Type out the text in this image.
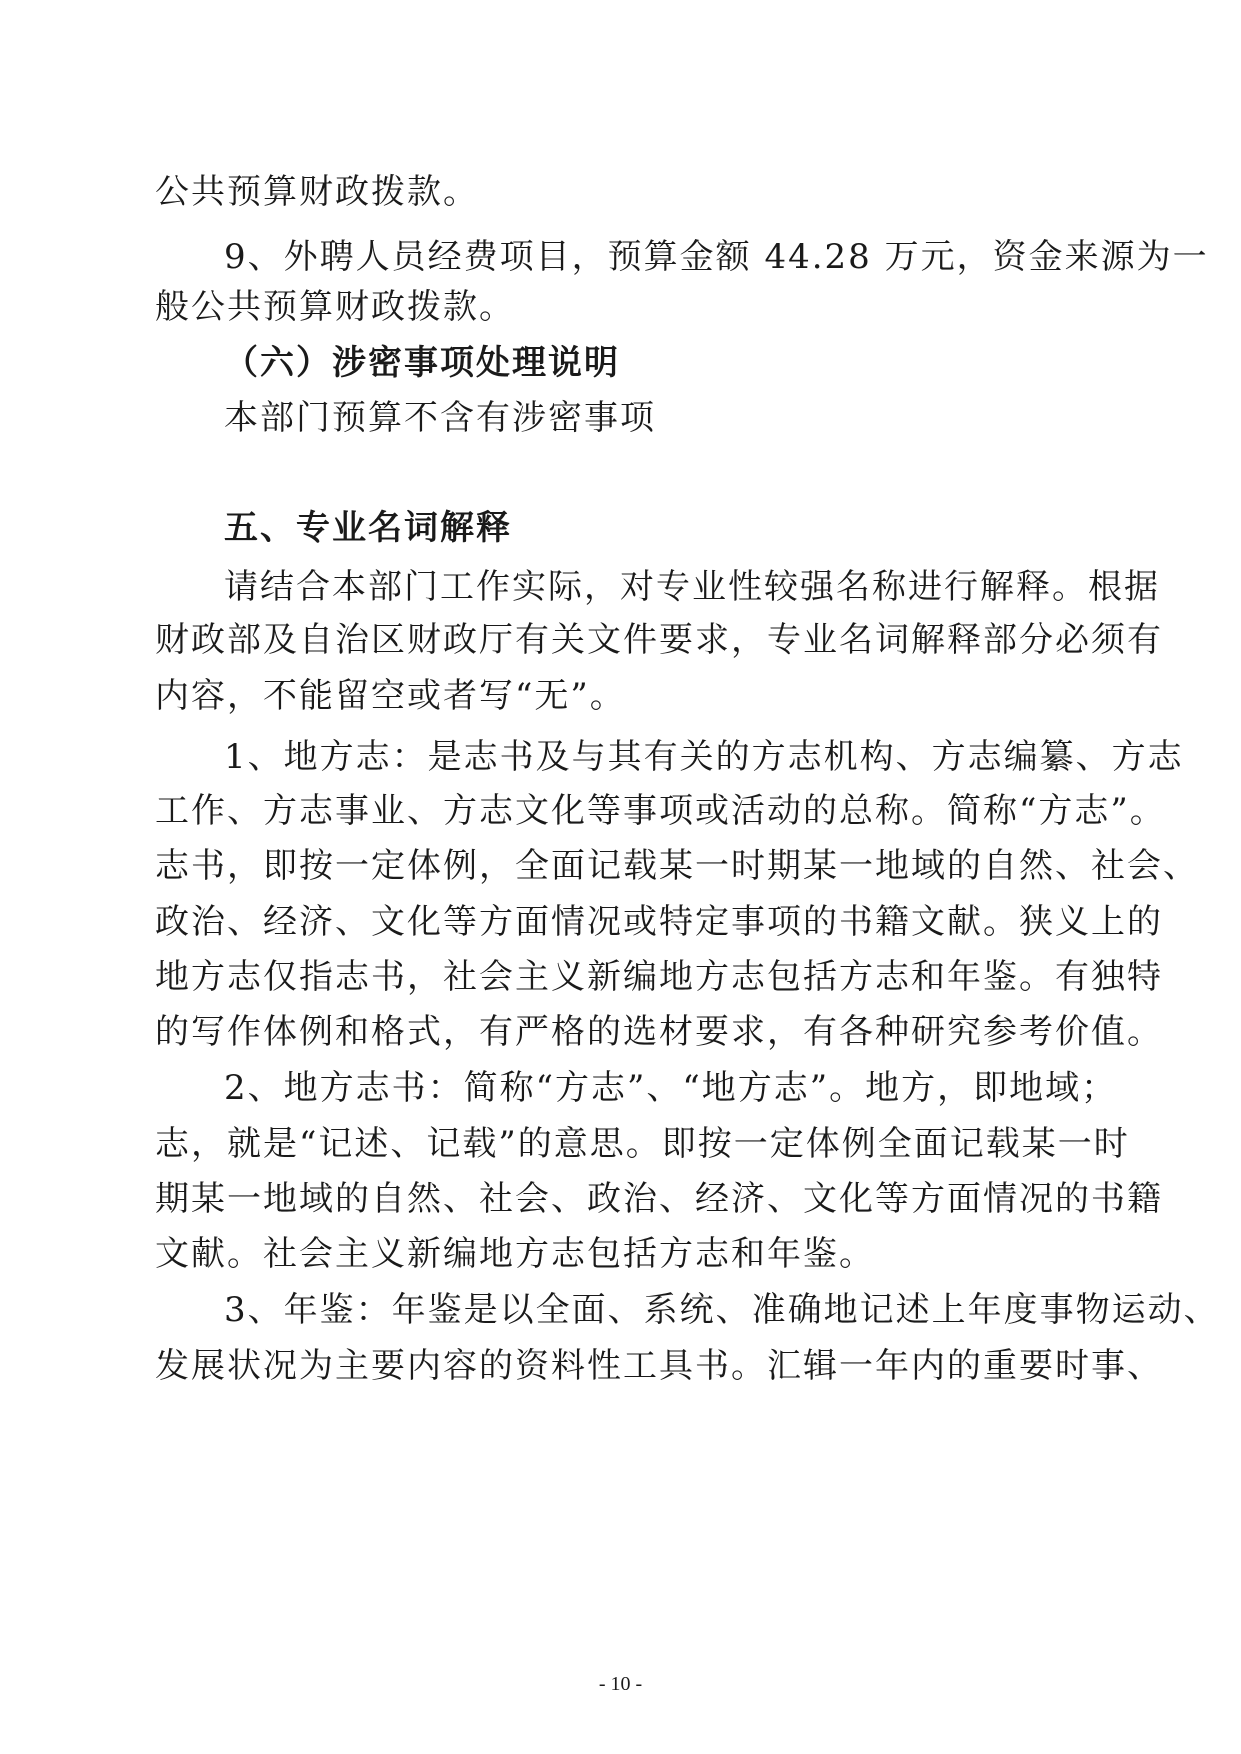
公共预算财政拨款。
9、外聘人员经费项目，预算金额 44.28 万元，资金来源为一
般公共预算财政拨款。
（六）涉密事项处理说明
本部门预算不含有涉密事项
五、专业名词解释
请结合本部门工作实际，对专业性较强名称进行解释。根据
财政部及自治区财政厅有关文件要求，专业名词解释部分必须有
内容，不能留空或者写“无”。
1、地方志：是志书及与其有关的方志机构、方志编纂、方志
工作、方志事业、方志文化等事项或活动的总称。简称“方志”。
志书，即按一定体例，全面记载某一时期某一地域的自然、社会、
政治、经济、文化等方面情况或特定事项的书籍文献。狭义上的
地方志仅指志书，社会主义新编地方志包括方志和年鉴。有独特
的写作体例和格式，有严格的选材要求，有各种研究参考价值。
2、地方志书：简称“方志”、“地方志”。地方，即地域；
志，就是“记述、记载”的意思。即按一定体例全面记载某一时
期某一地域的自然、社会、政治、经济、文化等方面情况的书籍
文献。社会主义新编地方志包括方志和年鉴。
3、年鉴：年鉴是以全面、系统、准确地记述上年度事物运动、
发展状况为主要内容的资料性工具书。汇辑一年内的重要时事、
- 10 -
